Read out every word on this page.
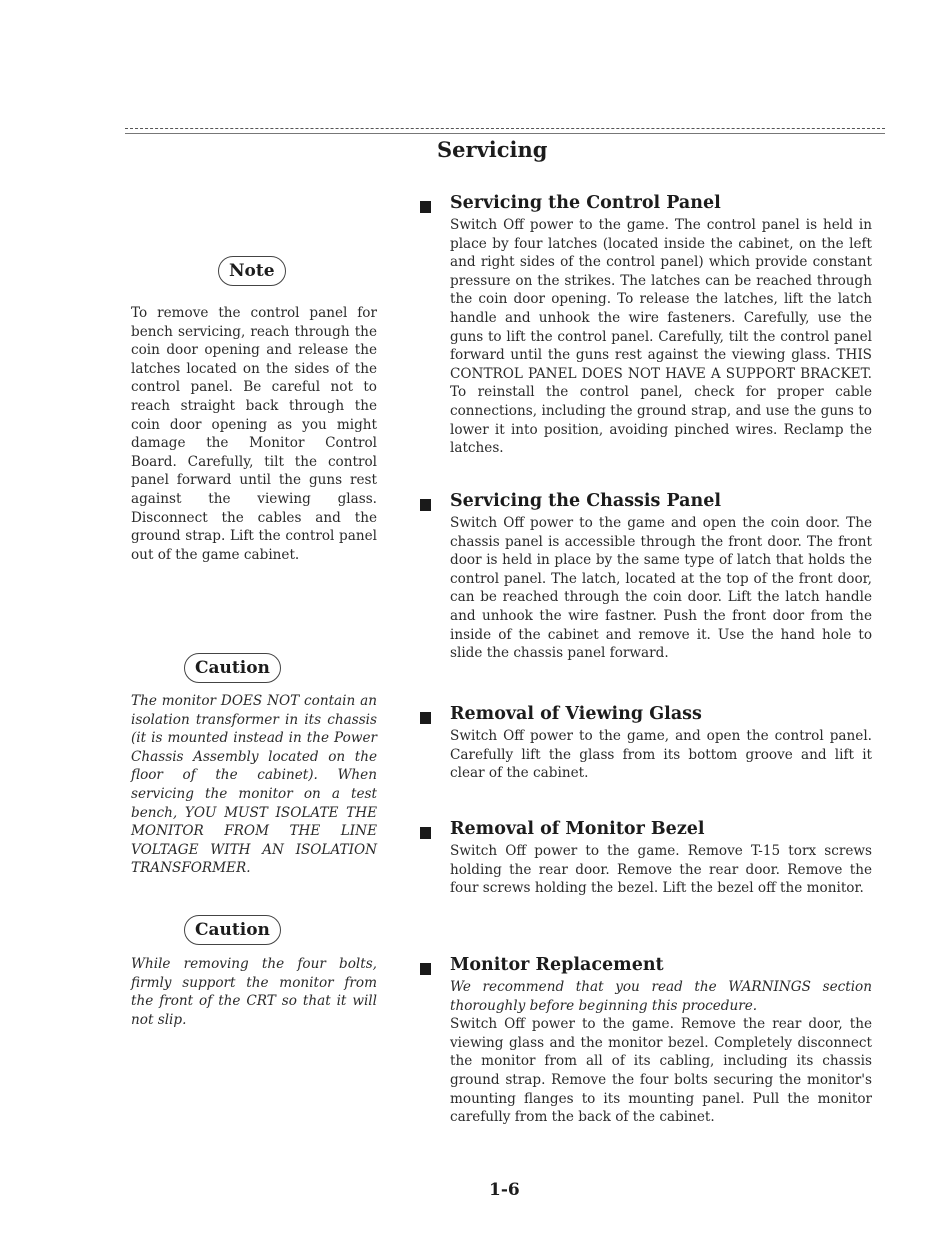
Servicing
Note

To remove the control panel for bench servicing, reach through the coin door opening and release the latches located on the sides of the control panel. Be careful not to reach straight back through the coin door opening as you might damage the Monitor Control Board. Carefully, tilt the control panel forward until the guns rest against the viewing glass. Disconnect the cables and the ground strap. Lift the control panel out of the game cabinet.

Caution

The monitor DOES NOT contain an isolation transformer in its chassis (it is mounted instead in the Power Chassis Assembly located on the floor of the cabinet). When servicing the monitor on a test bench, YOU MUST ISOLATE THE MONITOR FROM THE LINE VOLTAGE WITH AN ISOLATION TRANSFORMER.

Caution

While removing the four bolts, firmly support the monitor from the front of the CRT so that it will not slip.

Servicing the Control Panel

Switch Off power to the game. The control panel is held in place by four latches (located inside the cabinet, on the left and right sides of the control panel) which provide constant pressure on the strikes. The latches can be reached through the coin door opening. To release the latches, lift the latch handle and unhook the wire fasteners. Carefully, use the guns to lift the control panel. Carefully, tilt the control panel forward until the guns rest against the viewing glass. THIS CONTROL PANEL DOES NOT HAVE A SUPPORT BRACKET. To reinstall the control panel, check for proper cable connections, including the ground strap, and use the guns to lower it into position, avoiding pinched wires. Reclamp the latches.

Servicing the Chassis Panel

Switch Off power to the game and open the coin door. The chassis panel is accessible through the front door. The front door is held in place by the same type of latch that holds the control panel. The latch, located at the top of the front door, can be reached through the coin door. Lift the latch handle and unhook the wire fastner. Push the front door from the inside of the cabinet and remove it. Use the hand hole to slide the chassis panel forward.

Removal of Viewing Glass

Switch Off power to the game, and open the control panel. Carefully lift the glass from its bottom groove and lift it clear of the cabinet.

Removal of Monitor Bezel

Switch Off power to the game. Remove T-15 torx screws holding the rear door. Remove the rear door. Remove the four screws holding the bezel. Lift the bezel off the monitor.

Monitor Replacement

We recommend that you read the WARNINGS section thoroughly before beginning this procedure.

Switch Off power to the game. Remove the rear door, the viewing glass and the monitor bezel. Completely disconnect the monitor from all of its cabling, including its chassis ground strap. Remove the four bolts securing the monitor's mounting flanges to its mounting panel. Pull the monitor carefully from the back of the cabinet.

1-6
